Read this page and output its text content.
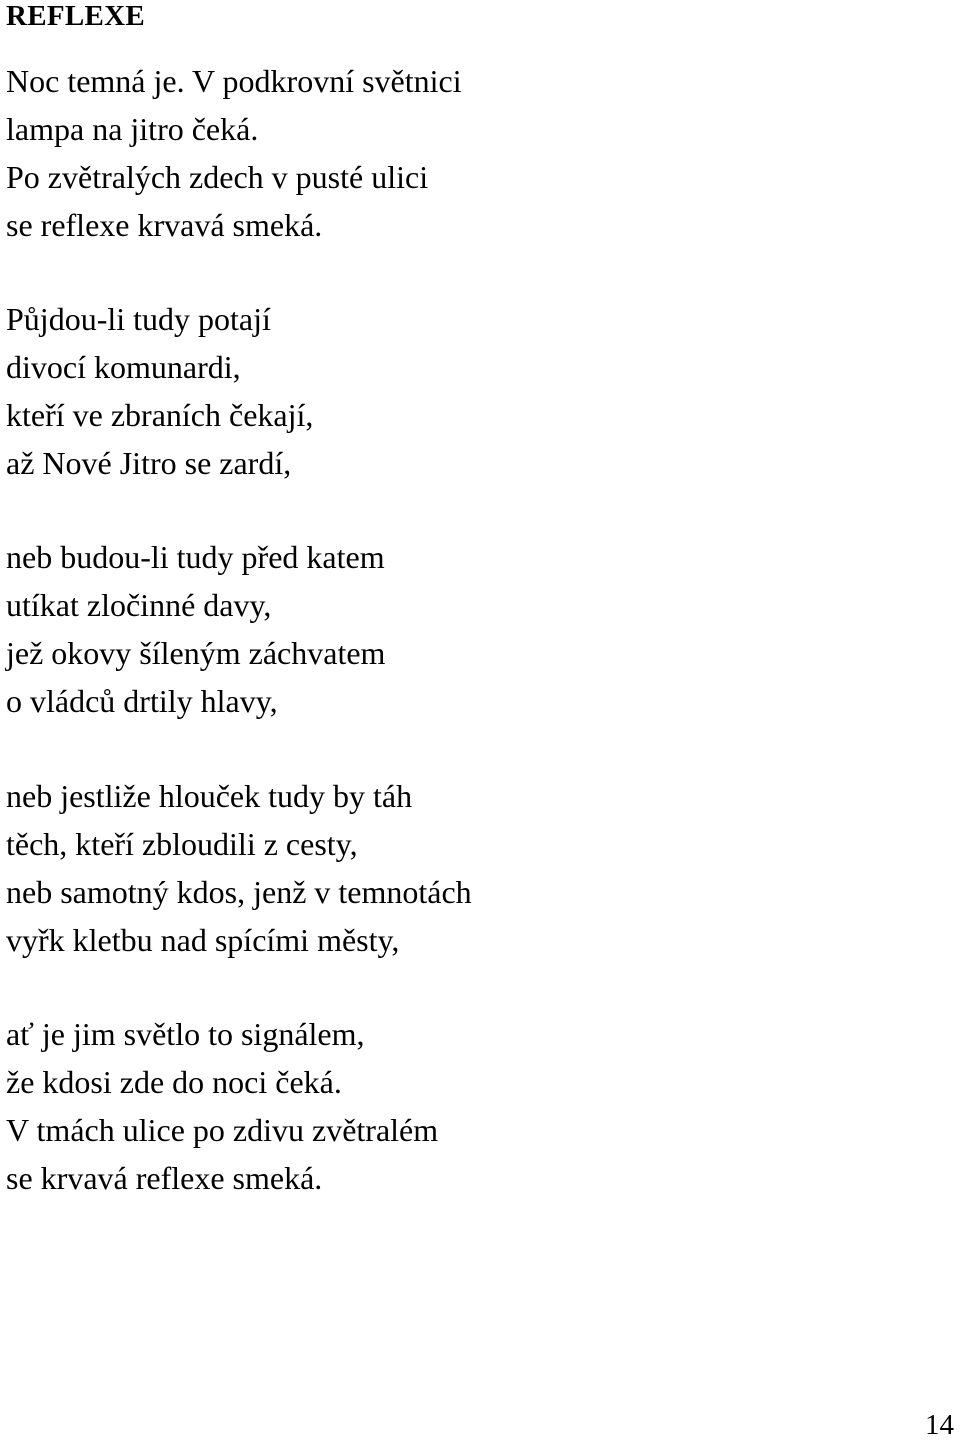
REFLEXE
Noc temná je. V podkrovní světnici
lampa na jitro čeká.
Po zvětralých zdech v pusté ulici
se reflexe krvavá smeká.
Půjdou-li tudy potají
divocí komunardi,
kteří ve zbraních čekají,
až Nové Jitro se zardí,
neb budou-li tudy před katem
utíkat zločinné davy,
jež okovy šíleným záchvatem
o vládců drtily hlavy,
neb jestliže hlouček tudy by táh
těch, kteří zbloudili z cesty,
neb samotný kdos, jenž v temnotách
vyřk kletbu nad spícími městy,
ať je jim světlo to signálem,
že kdosi zde do noci čeká.
V tmách ulice po zdivu zvětralém
se krvavá reflexe smeká.
14
